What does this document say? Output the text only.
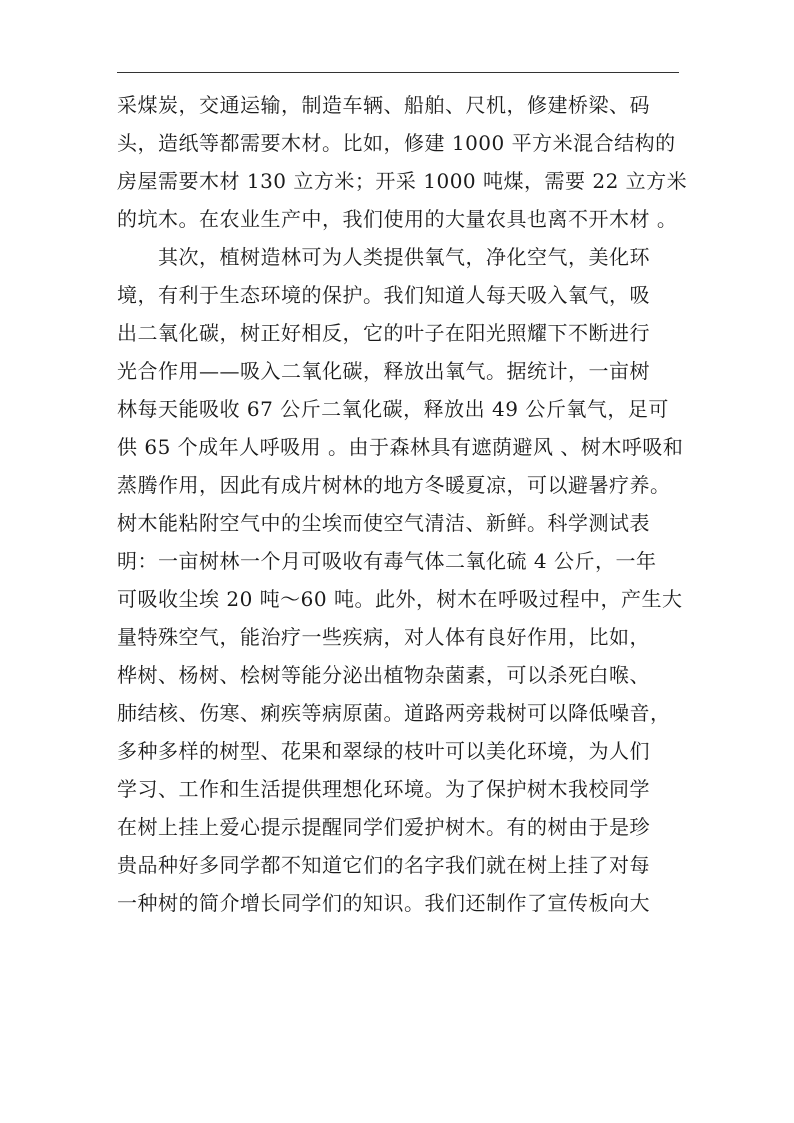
采煤炭，交通运输，制造车辆、船舶、尺机，修建桥梁、码
头，造纸等都需要木材。比如，修建 1000 平方米混合结构的
房屋需要木材 130 立方米；开采 1000 吨煤，需要 22 立方米
的坑木。在农业生产中，我们使用的大量农具也离不开木材 。
　　其次，植树造林可为人类提供氧气，净化空气，美化环
境，有利于生态环境的保护。我们知道人每天吸入氧气，吸
出二氧化碳，树正好相反，它的叶子在阳光照耀下不断进行
光合作用——吸入二氧化碳，释放出氧气。据统计，一亩树
林每天能吸收 67 公斤二氧化碳，释放出 49 公斤氧气，足可
供 65 个成年人呼吸用 。由于森林具有遮荫避风 、树木呼吸和
蒸腾作用，因此有成片树林的地方冬暖夏凉，可以避暑疗养。
树木能粘附空气中的尘埃而使空气清洁、新鲜。科学测试表
明：一亩树林一个月可吸收有毒气体二氧化硫 4 公斤，一年
可吸收尘埃 20 吨～60 吨。此外，树木在呼吸过程中，产生大
量特殊空气，能治疗一些疾病，对人体有良好作用，比如，
桦树、杨树、桧树等能分泌出植物杂菌素，可以杀死白喉、
肺结核、伤寒、痢疾等病原菌。道路两旁栽树可以降低噪音，
多种多样的树型、花果和翠绿的枝叶可以美化环境，为人们
学习、工作和生活提供理想化环境。为了保护树木我校同学
在树上挂上爱心提示提醒同学们爱护树木。有的树由于是珍
贵品种好多同学都不知道它们的名字我们就在树上挂了对每
一种树的简介增长同学们的知识。我们还制作了宣传板向大
